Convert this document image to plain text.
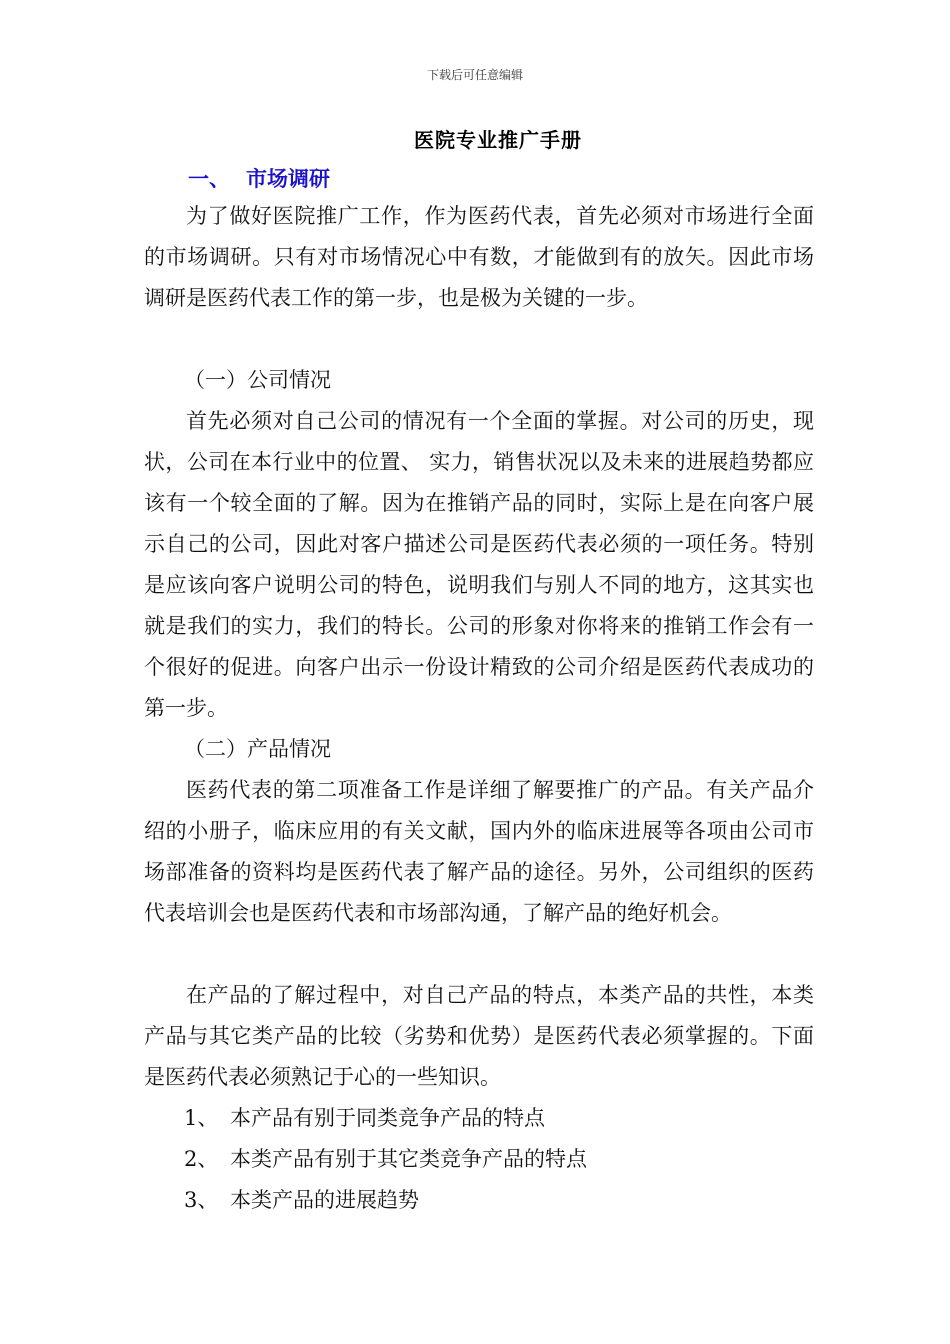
下载后可任意编辑
医院专业推广手册
一、 市场调研
为了做好医院推广工作，作为医药代表，首先必须对市场进行全面的市场调研。只有对市场情况心中有数，才能做到有的放矢。因此市场调研是医药代表工作的第一步，也是极为关键的一步。
（一）公司情况
首先必须对自己公司的情况有一个全面的掌握。对公司的历史，现状，公司在本行业中的位置、 实力，销售状况以及未来的进展趋势都应该有一个较全面的了解。因为在推销产品的同时，实际上是在向客户展示自己的公司，因此对客户描述公司是医药代表必须的一项任务。特别是应该向客户说明公司的特色，说明我们与别人不同的地方，这其实也就是我们的实力，我们的特长。公司的形象对你将来的推销工作会有一个很好的促进。向客户出示一份设计精致的公司介绍是医药代表成功的第一步。
（二）产品情况
医药代表的第二项准备工作是详细了解要推广的产品。有关产品介绍的小册子，临床应用的有关文献，国内外的临床进展等各项由公司市场部准备的资料均是医药代表了解产品的途径。另外，公司组织的医药代表培训会也是医药代表和市场部沟通，了解产品的绝好机会。
在产品的了解过程中，对自己产品的特点，本类产品的共性，本类产品与其它类产品的比较（劣势和优势）是医药代表必须掌握的。下面是医药代表必须熟记于心的一些知识。
1、 本产品有别于同类竞争产品的特点
2、 本类产品有别于其它类竞争产品的特点
3、 本类产品的进展趋势
